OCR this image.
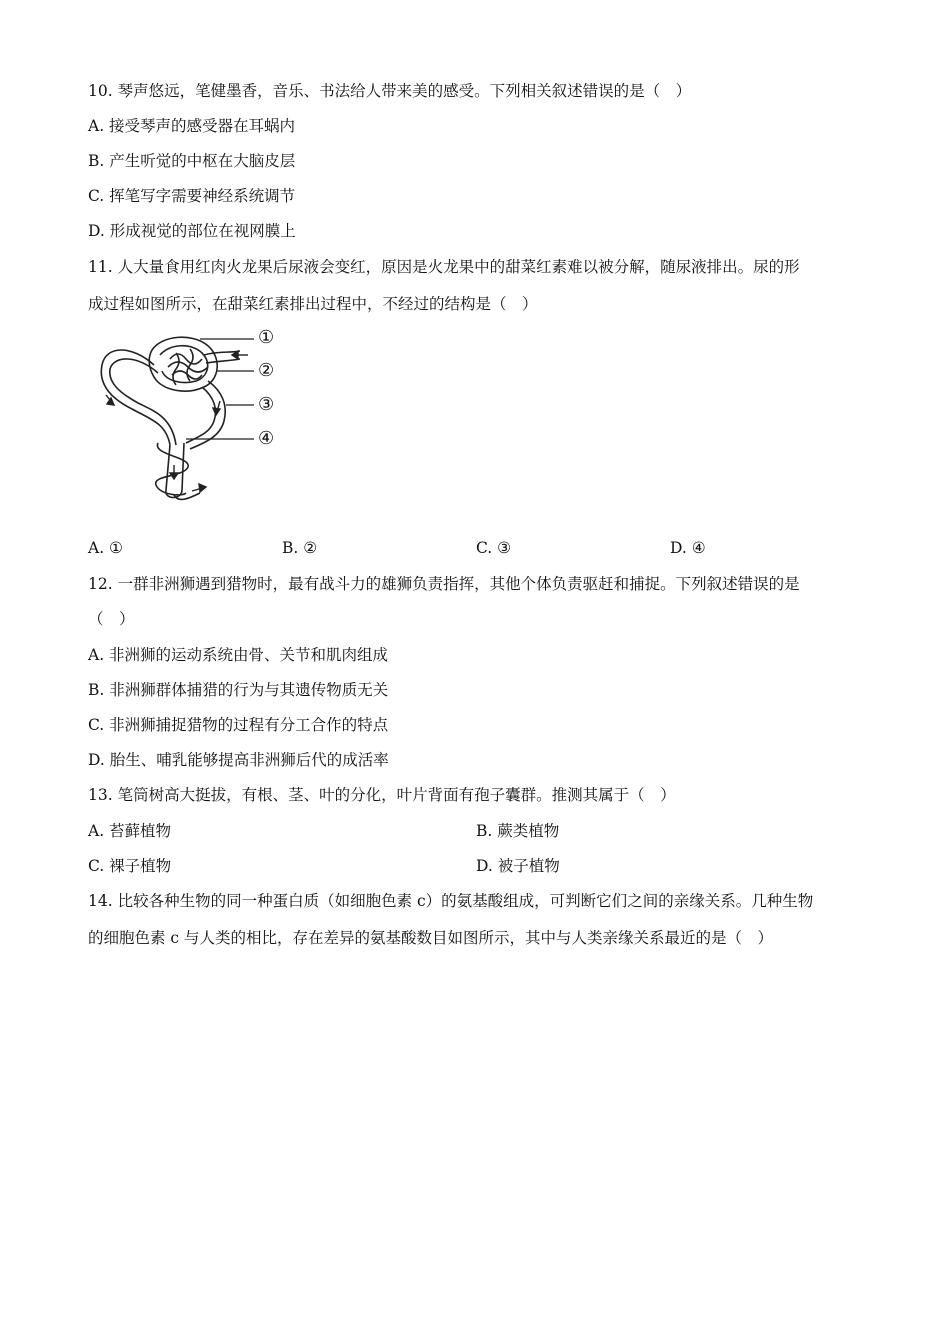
10. 琴声悠远，笔健墨香，音乐、书法给人带来美的感受。下列相关叙述错误的是（　）
A. 接受琴声的感受器在耳蜗内
B. 产生听觉的中枢在大脑皮层
C. 挥笔写字需要神经系统调节
D. 形成视觉的部位在视网膜上
11. 人大量食用红肉火龙果后尿液会变红，原因是火龙果中的甜菜红素难以被分解，随尿液排出。尿的形
成过程如图所示，在甜菜红素排出过程中，不经过的结构是（　）
①
②
③
④
A. ①	B. ②	C. ③	D. ④
12. 一群非洲狮遇到猎物时，最有战斗力的雄狮负责指挥，其他个体负责驱赶和捕捉。下列叙述错误的是
（　）
A. 非洲狮的运动系统由骨、关节和肌肉组成
B. 非洲狮群体捕猎的行为与其遗传物质无关
C. 非洲狮捕捉猎物的过程有分工合作的特点
D. 胎生、哺乳能够提高非洲狮后代的成活率
13. 笔筒树高大挺拔，有根、茎、叶的分化，叶片背面有孢子囊群。推测其属于（　）
A. 苔藓植物	B. 蕨类植物
C. 裸子植物	D. 被子植物
14. 比较各种生物的同一种蛋白质（如细胞色素 c）的氨基酸组成，可判断它们之间的亲缘关系。几种生物
的细胞色素 c 与人类的相比，存在差异的氨基酸数目如图所示，其中与人类亲缘关系最近的是（　）
